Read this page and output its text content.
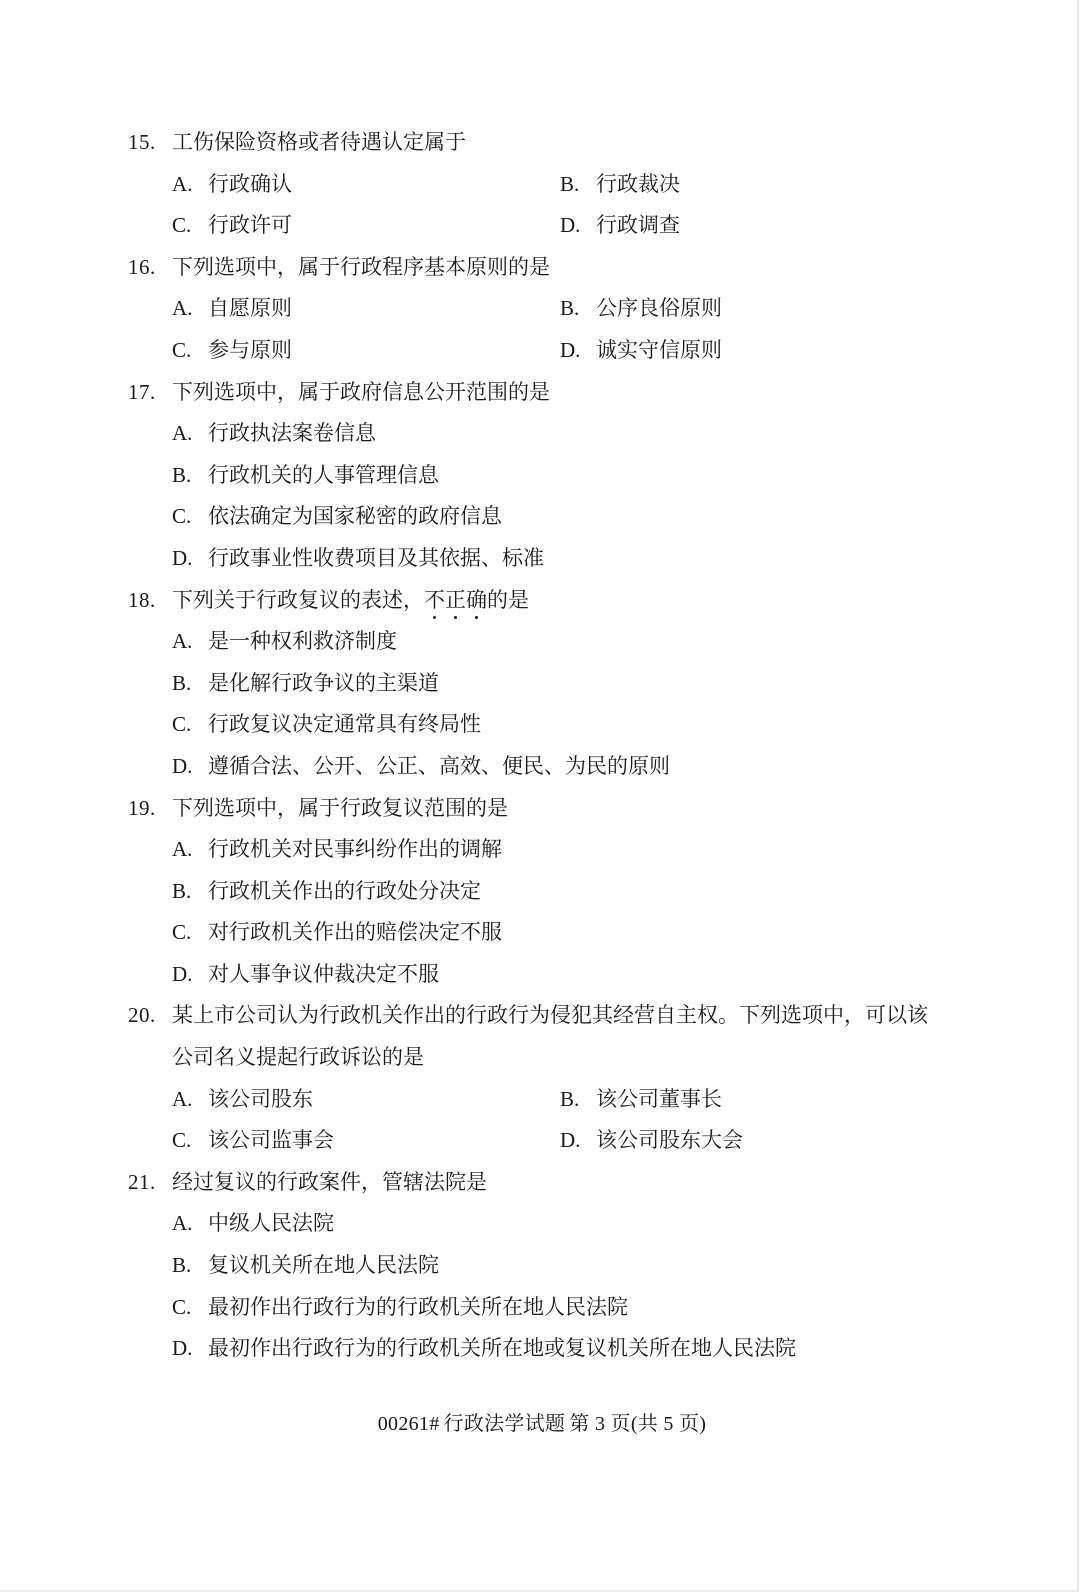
15. 工伤保险资格或者待遇认定属于
A. 行政确认	B. 行政裁决
C. 行政许可	D. 行政调查
16. 下列选项中，属于行政程序基本原则的是
A. 自愿原则	B. 公序良俗原则
C. 参与原则	D. 诚实守信原则
17. 下列选项中，属于政府信息公开范围的是
A. 行政执法案卷信息
B. 行政机关的人事管理信息
C. 依法确定为国家秘密的政府信息
D. 行政事业性收费项目及其依据、标准
18. 下列关于行政复议的表述，不正确的是
A. 是一种权利救济制度
B. 是化解行政争议的主渠道
C. 行政复议决定通常具有终局性
D. 遵循合法、公开、公正、高效、便民、为民的原则
19. 下列选项中，属于行政复议范围的是
A. 行政机关对民事纠纷作出的调解
B. 行政机关作出的行政处分决定
C. 对行政机关作出的赔偿决定不服
D. 对人事争议仲裁决定不服
20. 某上市公司认为行政机关作出的行政行为侵犯其经营自主权。下列选项中，可以该
公司名义提起行政诉讼的是
A. 该公司股东	B. 该公司董事长
C. 该公司监事会	D. 该公司股东大会
21. 经过复议的行政案件，管辖法院是
A. 中级人民法院
B. 复议机关所在地人民法院
C. 最初作出行政行为的行政机关所在地人民法院
D. 最初作出行政行为的行政机关所在地或复议机关所在地人民法院
00261# 行政法学试题 第 3 页(共 5 页)
